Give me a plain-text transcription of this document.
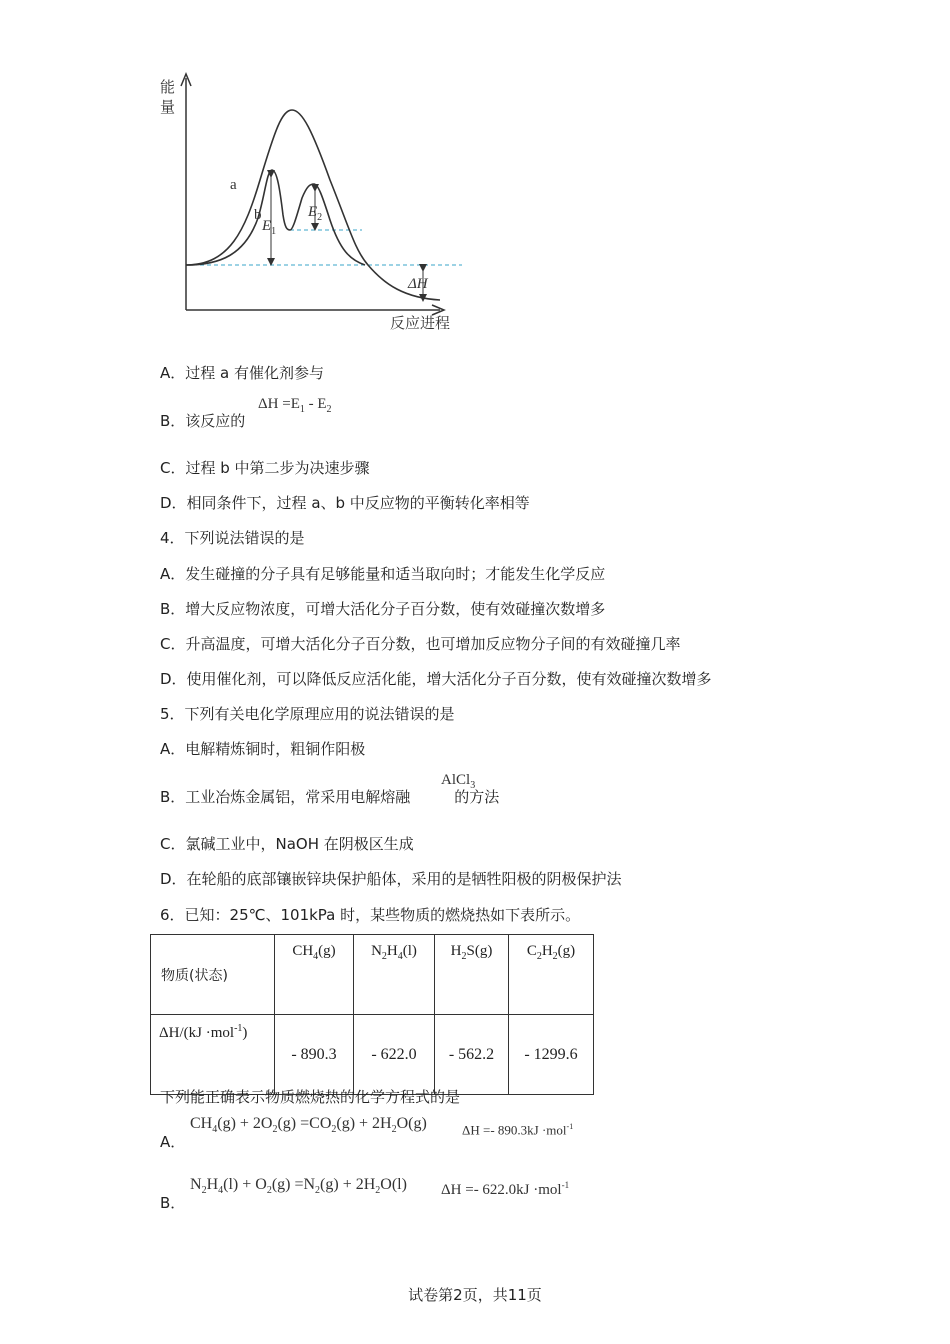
能
量
反应进程
a
b
$E_1$
$E_2$
ΔH
A．过程 a 有催化剂参与
B．该反应的
$\Delta H =E_1 - E_2$
C．过程 b 中第二步为决速步骤
D．相同条件下，过程 a、b 中反应物的平衡转化率相等
4．下列说法错误的是
A．发生碰撞的分子具有足够能量和适当取向时；才能发生化学反应
B．增大反应物浓度，可增大活化分子百分数，使有效碰撞次数增多
C．升高温度，可增大活化分子百分数，也可增加反应物分子间的有效碰撞几率
D．使用催化剂，可以降低反应活化能，增大活化分子百分数，使有效碰撞次数增多
5．下列有关电化学原理应用的说法错误的是
A．电解精炼铜时，粗铜作阳极
B．工业冶炼金属铝，常采用电解熔融	的方法
AlCl$_3$
C．氯碱工业中，NaOH 在阴极区生成
D．在轮船的底部镶嵌锌块保护船体，采用的是牺牲阳极的阴极保护法
6．已知：25℃、101kPa 时，某些物质的燃烧热如下表所示。
物质(状态)	$CH_4(g)$	$N_2H_4(l)$	$H_2S(g)$	$C_2H_2(g)$
ΔH/(kJ ·mol$^{-1}$)	- 890.3	- 622.0	- 562.2	- 1299.6
下列能正确表示物质燃烧热的化学方程式的是
A．
$CH_4(g) + 2O_2(g) =CO_2(g) + 2H_2O(g)$	ΔH =- 890.3kJ ·mol$^{-1}$
B．
$N_2H_4(l) + O_2(g) =N_2(g) + 2H_2O(l) \Delta H =- 622.0kJ \cdot mol^{-1}$
试卷第2页，共11页
